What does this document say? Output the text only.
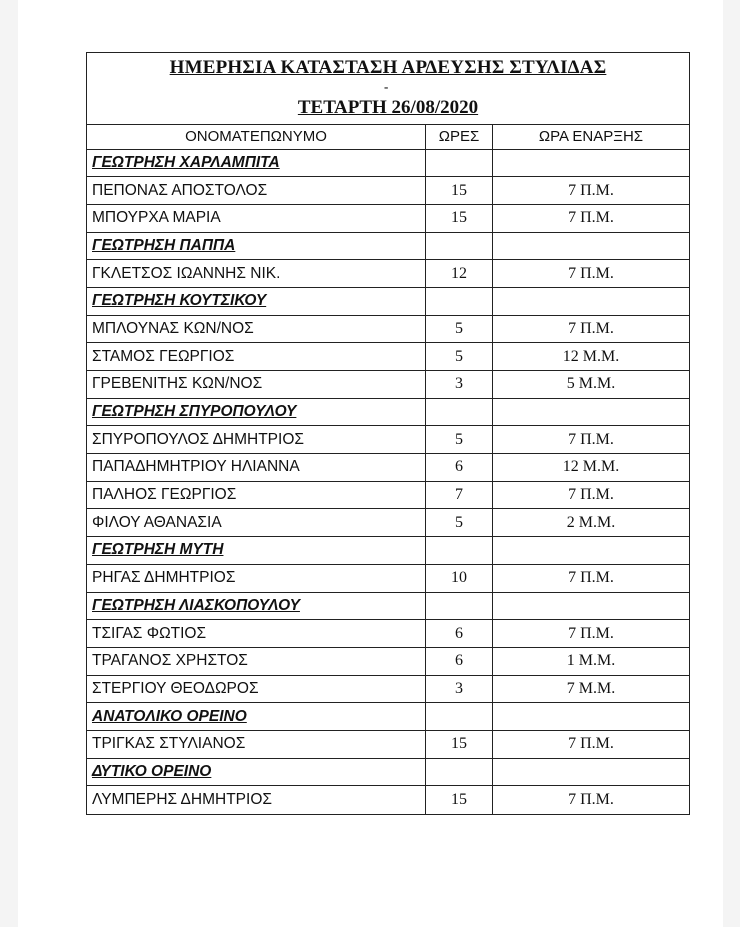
ΗΜΕΡΗΣΙΑ ΚΑΤΑΣΤΑΣΗ ΑΡΔΕΥΣΗΣ ΣΤΥΛΙΔΑΣ
-
ΤΕΤΑΡΤΗ 26/08/2020
ΟΝΟΜΑΤΕΠΩΝΥΜΟ	ΩΡΕΣ	ΩΡΑ ΕΝΑΡΞΗΣ
ΓΕΩΤΡΗΣΗ ΧΑΡΛΑΜΠΙΤΑ		
ΠΕΠΟΝΑΣ ΑΠΟΣΤΟΛΟΣ	15	7 Π.Μ.
ΜΠΟΥΡΧΑ ΜΑΡΙΑ	15	7 Π.Μ.
ΓΕΩΤΡΗΣΗ ΠΑΠΠΑ		
ΓΚΛΕΤΣΟΣ ΙΩΑΝΝΗΣ ΝΙΚ.	12	7 Π.Μ.
ΓΕΩΤΡΗΣΗ ΚΟΥΤΣΙΚΟΥ		
ΜΠΛΟΥΝΑΣ ΚΩΝ/ΝΟΣ	5	7 Π.Μ.
ΣΤΑΜΟΣ ΓΕΩΡΓΙΟΣ	5	12 Μ.Μ.
ΓΡΕΒΕΝΙΤΗΣ ΚΩΝ/ΝΟΣ	3	5 Μ.Μ.
ΓΕΩΤΡΗΣΗ ΣΠΥΡΟΠΟΥΛΟΥ		
ΣΠΥΡΟΠΟΥΛΟΣ ΔΗΜΗΤΡΙΟΣ	5	7 Π.Μ.
ΠΑΠΑΔΗΜΗΤΡΙΟΥ ΗΛΙΑΝΝΑ	6	12 Μ.Μ.
ΠΑΛΗΟΣ ΓΕΩΡΓΙΟΣ	7	7 Π.Μ.
ΦΙΛΟΥ ΑΘΑΝΑΣΙΑ	5	2 Μ.Μ.
ΓΕΩΤΡΗΣΗ ΜΥΤΗ		
ΡΗΓΑΣ ΔΗΜΗΤΡΙΟΣ	10	7 Π.Μ.
ΓΕΩΤΡΗΣΗ ΛΙΑΣΚΟΠΟΥΛΟΥ		
ΤΣΙΓΑΣ ΦΩΤΙΟΣ	6	7 Π.Μ.
ΤΡΑΓΑΝΟΣ ΧΡΗΣΤΟΣ	6	1 Μ.Μ.
ΣΤΕΡΓΙΟΥ ΘΕΟΔΩΡΟΣ	3	7 Μ.Μ.
ΑΝΑΤΟΛΙΚΟ ΟΡΕΙΝΟ		
ΤΡΙΓΚΑΣ ΣΤΥΛΙΑΝΟΣ	15	7 Π.Μ.
ΔΥΤΙΚΟ ΟΡΕΙΝΟ		
ΛΥΜΠΕΡΗΣ ΔΗΜΗΤΡΙΟΣ	15	7 Π.Μ.
